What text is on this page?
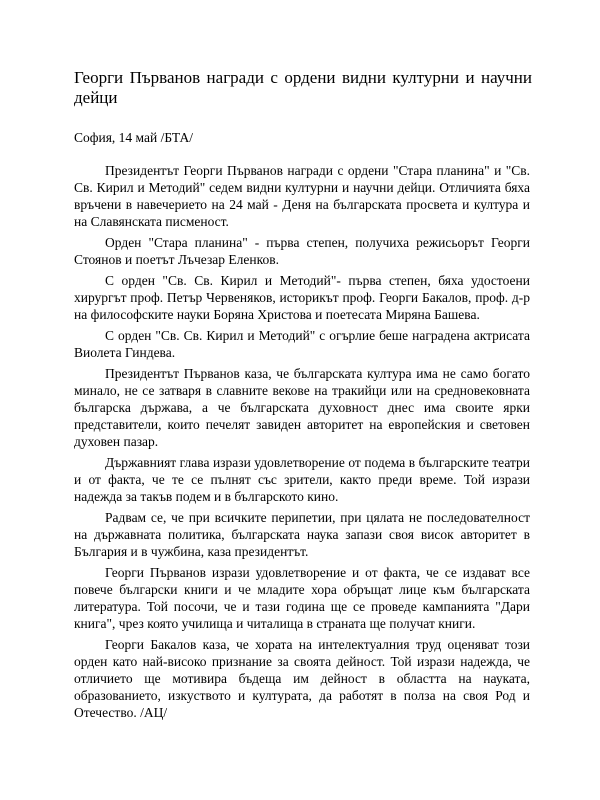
Георги Първанов награди с ордени видни културни и научни
дейци
София, 14 май /БТА/

Президентът Георги Първанов награди с ордени "Стара планина" и "Св. Св. Кирил и Методий" седем видни културни и научни дейци. Отличията бяха връчени в навечерието на 24 май - Деня на българската просвета и култура и на Славянската писменост.

Орден "Стара планина" - първа степен, получиха режисьорът Георги Стоянов и поетът Лъчезар Еленков.

С орден "Св. Св. Кирил и Методий"- първа степен, бяха удостоени хирургът проф. Петър Червеняков, историкът проф. Георги Бакалов, проф. д-р на философските науки Боряна Христова и поетесата Миряна Башева.

С орден "Св. Св. Кирил и Методий" с огърлие беше наградена актрисата Виолета Гиндева.

Президентът Първанов каза, че българската култура има не само богато минало, не се затваря в славните векове на тракийци или на средновековната българска държава, а че българската духовност днес има своите ярки представители, които печелят завиден авторитет на европейския и световен духовен пазар.

Държавният глава изрази удовлетворение от подема в българските театри и от факта, че те се пълнят със зрители, както преди време. Той изрази надежда за такъв подем и в българското кино.

Радвам се, че при всичките перипетии, при цялата не последователност на държавната политика, българската наука запази своя висок авторитет в България и в чужбина, каза президентът.

Георги Първанов изрази удовлетворение и от факта, че се издават все повече български книги и че младите хора обръщат лице към българската литература. Той посочи, че и тази година ще се проведе кампанията "Дари книга", чрез която училища и читалища в страната ще получат книги.

Георги Бакалов каза, че хората на интелектуалния труд оценяват този орден като най-високо признание за своята дейност. Той изрази надежда, че отличието ще мотивира бъдеща им дейност в областта на науката, образованието, изкуството и културата, да работят в полза на своя Род и Отечество. /АЦ/
